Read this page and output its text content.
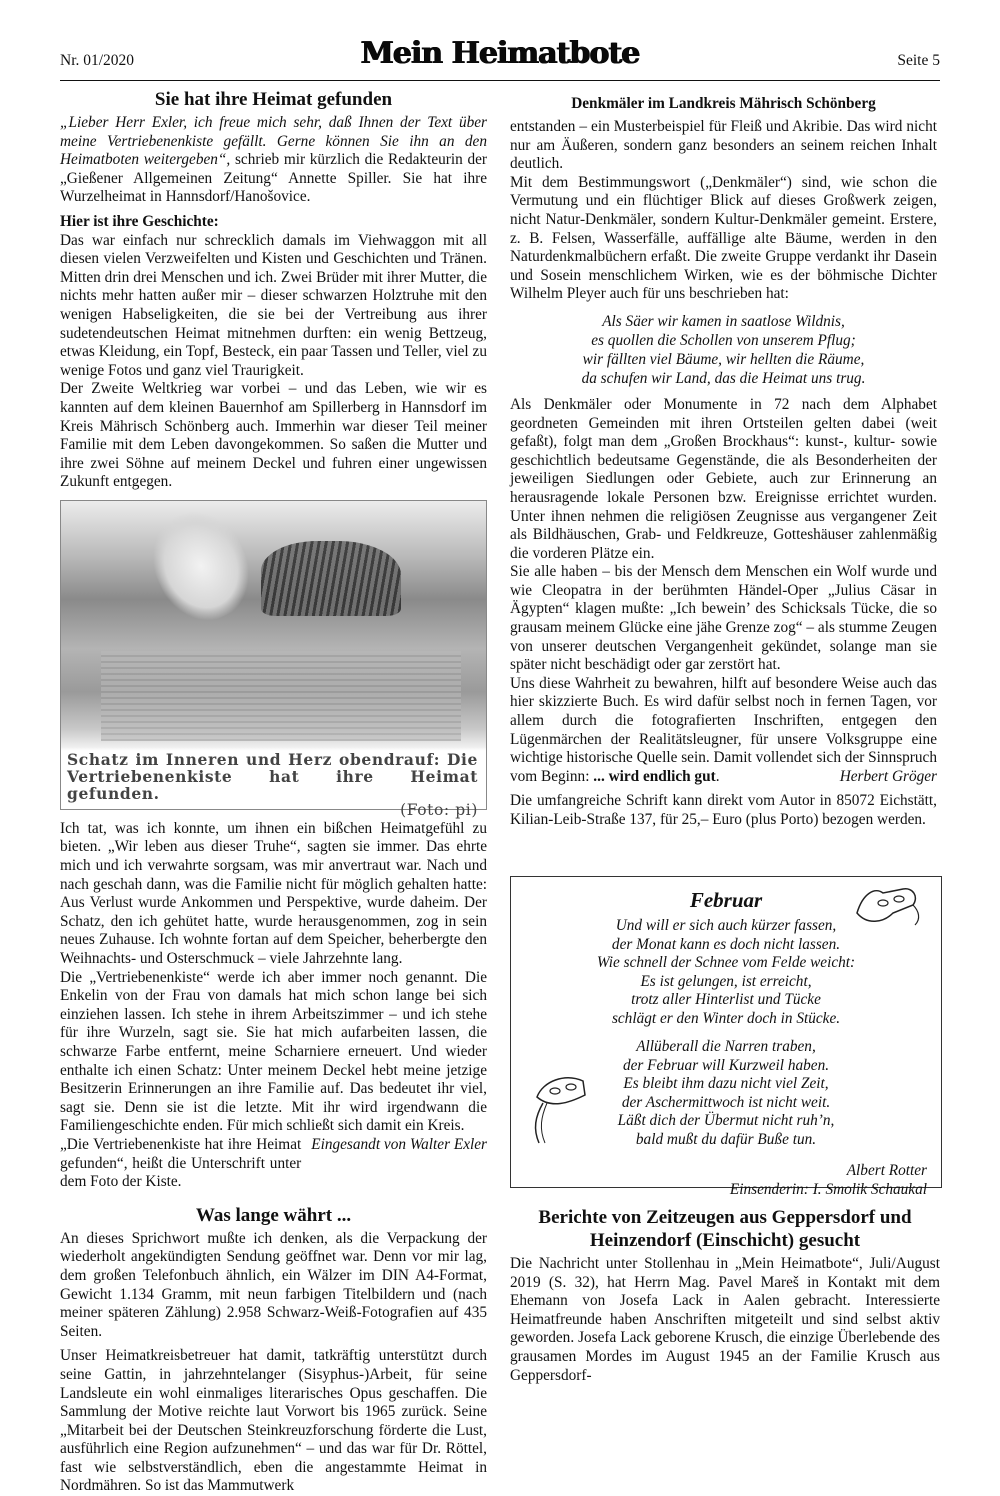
Nr. 01/2020	Mein Heimatbote	Seite 5
Sie hat ihre Heimat gefunden

„Lieber Herr Exler, ich freue mich sehr, daß Ihnen der Text über meine Vertriebenenkiste gefällt. Gerne können Sie ihn an den Heimatboten weitergeben“, schrieb mir kürzlich die Redakteurin der „Gießener Allgemeinen Zeitung“ Annette Spiller. Sie hat ihre Wurzelheimat in Hannsdorf/Hanošovice.

Hier ist ihre Geschichte:

Das war einfach nur schrecklich damals im Viehwaggon mit all diesen vielen Verzweifelten und Kisten und Geschichten und Tränen. Mitten drin drei Menschen und ich. Zwei Brüder mit ihrer Mutter, die nichts mehr hatten außer mir – dieser schwarzen Holztruhe mit den wenigen Habseligkeiten, die sie bei der Vertreibung aus ihrer sudetendeutschen Heimat mitnehmen durften: ein wenig Bettzeug, etwas Kleidung, ein Topf, Besteck, ein paar Tassen und Teller, viel zu wenige Fotos und ganz viel Traurigkeit.

Der Zweite Weltkrieg war vorbei – und das Leben, wie wir es kannten auf dem kleinen Bauernhof am Spillerberg in Hannsdorf im Kreis Mährisch Schönberg auch. Immerhin war dieser Teil meiner Familie mit dem Leben davongekommen. So saßen die Mutter und ihre zwei Söhne auf meinem Deckel und fuhren einer ungewissen Zukunft entgegen.

Schatz im Inneren und Herz obendrauf: Die Vertriebenenkiste hat ihre Heimat gefunden.
(Foto: pi)

Ich tat, was ich konnte, um ihnen ein bißchen Heimatgefühl zu bieten. „Wir leben aus dieser Truhe“, sagten sie immer. Das ehrte mich und ich verwahrte sorgsam, was mir anvertraut war. Nach und nach geschah dann, was die Familie nicht für möglich gehalten hatte: Aus Verlust wurde Ankommen und Perspektive, wurde daheim. Der Schatz, den ich gehütet hatte, wurde herausgenommen, zog in sein neues Zuhause. Ich wohnte fortan auf dem Speicher, beherbergte den Weihnachts- und Osterschmuck – viele Jahrzehnte lang.

Die „Vertriebenenkiste“ werde ich aber immer noch genannt. Die Enkelin von der Frau von damals hat mich schon lange bei sich einziehen lassen. Ich stehe in ihrem Arbeitszimmer – und ich stehe für ihre Wurzeln, sagt sie. Sie hat mich aufarbeiten lassen, die schwarze Farbe entfernt, meine Scharniere erneuert. Und wieder enthalte ich einen Schatz: Unter meinem Deckel hebt meine jetzige Besitzerin Erinnerungen an ihre Familie auf. Das bedeutet ihr viel, sagt sie. Denn sie ist die letzte. Mit ihr wird irgendwann die Familiengeschichte enden. Für mich schließt sich damit ein Kreis.

„Die Vertriebenenkiste hat ihre Heimat gefunden“, heißt die Unterschrift unter dem Foto der Kiste.
Eingesandt von Walter Exler

Was lange währt ...

An dieses Sprichwort mußte ich denken, als die Verpackung der wiederholt angekündigten Sendung geöffnet war. Denn vor mir lag, dem großen Telefonbuch ähnlich, ein Wälzer im DIN A4-Format, Gewicht 1.134 Gramm, mit neun farbigen Titelbildern und (nach meiner späteren Zählung) 2.958 Schwarz-Weiß-Fotografien auf 435 Seiten.

Unser Heimatkreisbetreuer hat damit, tatkräftig unterstützt durch seine Gattin, in jahrzehntelanger (Sisyphus-)Arbeit, für seine Landsleute ein wohl einmaliges literarisches Opus geschaffen. Die Sammlung der Motive reichte laut Vorwort bis 1965 zurück. Seine „Mitarbeit bei der Deutschen Steinkreuzforschung förderte die Lust, ausführlich eine Region aufzunehmen“ – und das war für Dr. Röttel, fast wie selbstverständlich, eben die angestammte Heimat in Nordmähren. So ist das Mammutwerk

Denkmäler im Landkreis Mährisch Schönberg

entstanden – ein Musterbeispiel für Fleiß und Akribie. Das wird nicht nur am Äußeren, sondern ganz besonders an seinem reichen Inhalt deutlich.

Mit dem Bestimmungswort („Denkmäler“) sind, wie schon die Vermutung und ein flüchtiger Blick auf dieses Großwerk zeigen, nicht Natur-Denkmäler, sondern Kultur-Denkmäler gemeint. Erstere, z. B. Felsen, Wasserfälle, auffällige alte Bäume, werden in den Naturdenkmalbüchern erfaßt. Die zweite Gruppe verdankt ihr Dasein und Sosein menschlichem Wirken, wie es der böhmische Dichter Wilhelm Pleyer auch für uns beschrieben hat:

Als Säer wir kamen in saatlose Wildnis,
es quollen die Schollen von unserem Pflug;
wir fällten viel Bäume, wir hellten die Räume,
da schufen wir Land, das die Heimat uns trug.

Als Denkmäler oder Monumente in 72 nach dem Alphabet geordneten Gemeinden mit ihren Ortsteilen gelten dabei (weit gefaßt), folgt man dem „Großen Brockhaus“: kunst-, kultur- sowie geschichtlich bedeutsame Gegenstände, die als Besonderheiten der jeweiligen Siedlungen oder Gebiete, auch zur Erinnerung an herausragende lokale Personen bzw. Ereignisse errichtet wurden. Unter ihnen nehmen die religiösen Zeugnisse aus vergangener Zeit als Bildhäuschen, Grab- und Feldkreuze, Gotteshäuser zahlenmäßig die vorderen Plätze ein.

Sie alle haben – bis der Mensch dem Menschen ein Wolf wurde und wie Cleopatra in der berühmten Händel-Oper „Julius Cäsar in Ägypten“ klagen mußte: „Ich bewein’ des Schicksals Tücke, die so grausam meinem Glücke eine jähe Grenze zog“ – als stumme Zeugen von unserer deutschen Vergangenheit gekündet, solange man sie später nicht beschädigt oder gar zerstört hat.

Uns diese Wahrheit zu bewahren, hilft auf besondere Weise auch das hier skizzierte Buch. Es wird dafür selbst noch in fernen Tagen, vor allem durch die fotografierten Inschriften, entgegen den Lügenmärchen der Realitätsleugner, für unsere Volksgruppe eine wichtige historische Quelle sein. Damit vollendet sich der Sinnspruch vom Beginn: ... wird endlich gut.	Herbert Gröger

Die umfangreiche Schrift kann direkt vom Autor in 85072 Eichstätt, Kilian-Leib-Straße 137, für 25,– Euro (plus Porto) bezogen werden.

Februar
Und will er sich auch kürzer fassen,
der Monat kann es doch nicht lassen.
Wie schnell der Schnee vom Felde weicht:
Es ist gelungen, ist erreicht,
trotz aller Hinterlist und Tücke
schlägt er den Winter doch in Stücke.
Allüberall die Narren traben,
der Februar will Kurzweil haben.
Es bleibt ihm dazu nicht viel Zeit,
der Aschermittwoch ist nicht weit.
Läßt dich der Übermut nicht ruh’n,
bald mußt du dafür Buße tun.
Albert Rotter
Einsenderin: I. Smolik Schaukal
Berichte von Zeitzeugen aus Geppersdorf und Heinzendorf (Einschicht) gesucht

Die Nachricht unter Stollenhau in „Mein Heimatbote“, Juli/August 2019 (S. 32), hat Herrn Mag. Pavel Mareš in Kontakt mit dem Ehemann von Josefa Lack in Aalen gebracht. Interessierte Heimatfreunde haben Anschriften mitgeteilt und sind selbst aktiv geworden. Josefa Lack geborene Krusch, die einzige Überlebende des grausamen Mordes im August 1945 an der Familie Krusch aus Geppersdorf-
